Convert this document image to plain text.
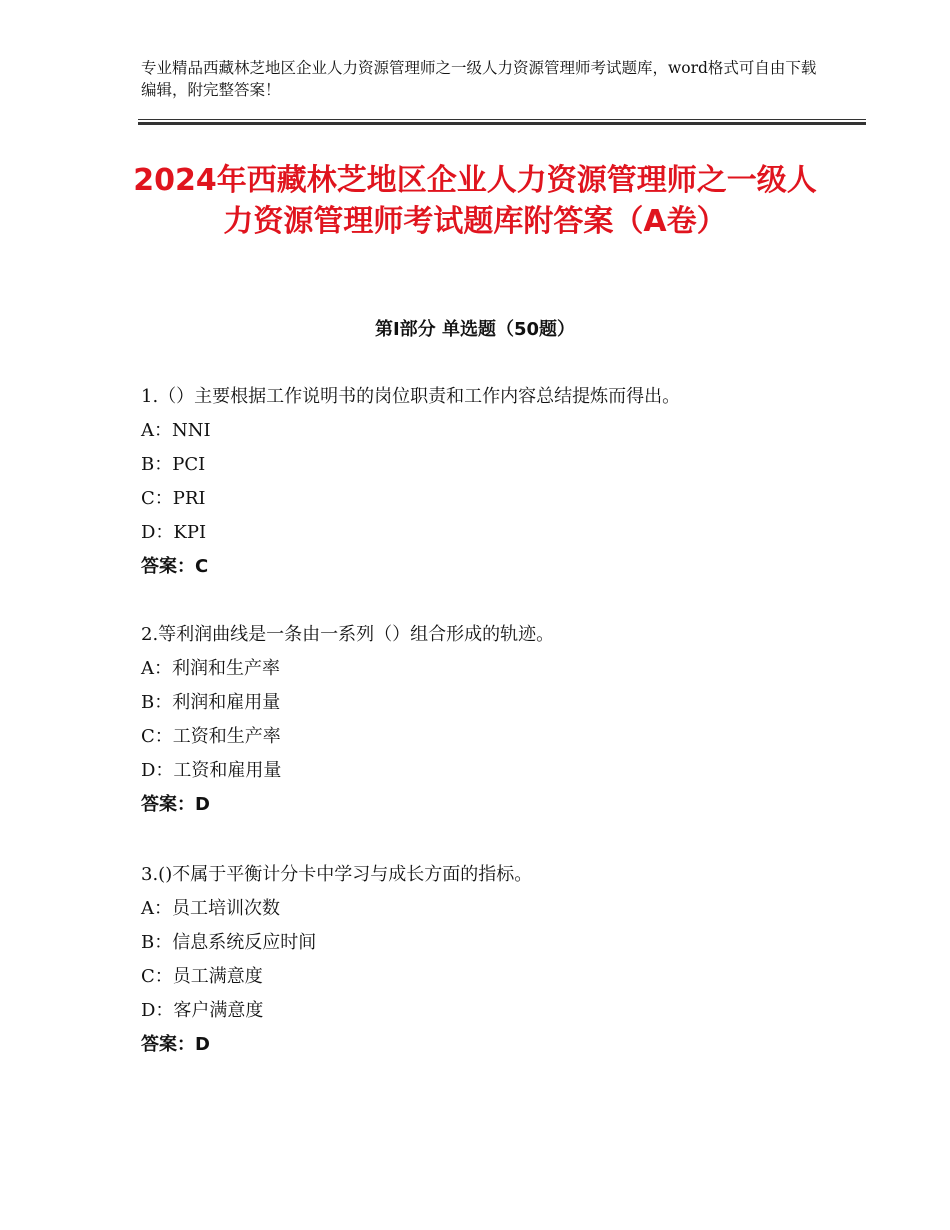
专业精品西藏林芝地区企业人力资源管理师之一级人力资源管理师考试题库，word格式可自由下载编辑，附完整答案！
2024年西藏林芝地区企业人力资源管理师之一级人力资源管理师考试题库附答案（A卷）
第Ⅰ部分 单选题（50题）
1.（）主要根据工作说明书的岗位职责和工作内容总结提炼而得出。
A：NNI
B：PCI
C：PRI
D：KPI
答案：C
2.等利润曲线是一条由一系列（）组合形成的轨迹。
A：利润和生产率
B：利润和雇用量
C：工资和生产率
D：工资和雇用量
答案：D
3.()不属于平衡计分卡中学习与成长方面的指标。
A：员工培训次数
B：信息系统反应时间
C：员工满意度
D：客户满意度
答案：D
